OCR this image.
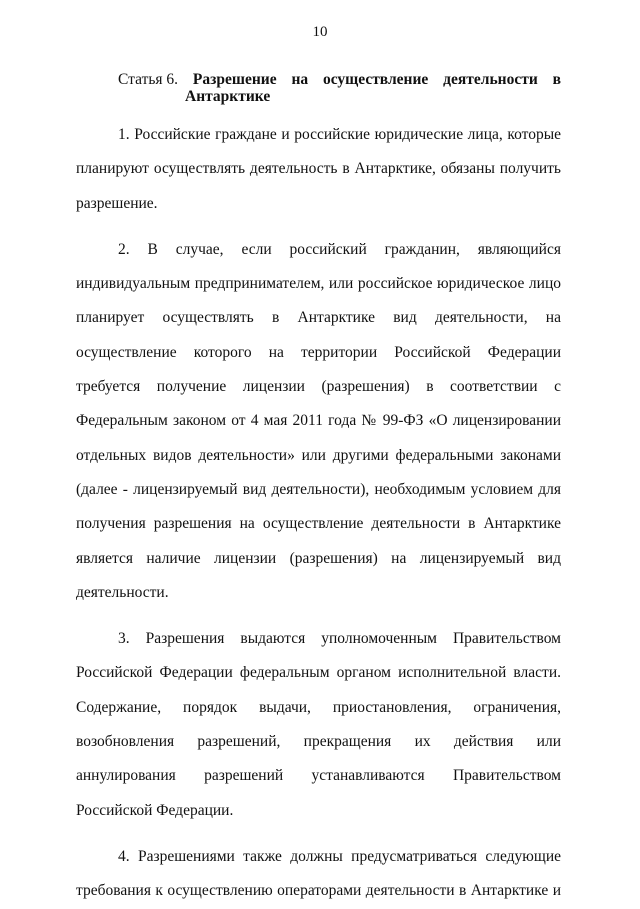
10
Статья 6. Разрешение на осуществление деятельности в
Антарктике

1. Российские граждане и российские юридические лица, которые планируют осуществлять деятельность в Антарктике, обязаны получить разрешение.

2. В случае, если российский гражданин, являющийся индивидуальным предпринимателем, или российское юридическое лицо планирует осуществлять в Антарктике вид деятельности, на осуществление которого на территории Российской Федерации требуется получение лицензии (разрешения) в соответствии с Федеральным законом от 4 мая 2011 года № 99-ФЗ «О лицензировании отдельных видов деятельности» или другими федеральными законами (далее - лицензируемый вид деятельности), необходимым условием для получения разрешения на осуществление деятельности в Антарктике является наличие лицензии (разрешения) на лицензируемый вид деятельности.

3. Разрешения выдаются уполномоченным Правительством Российской Федерации федеральным органом исполнительной власти. Содержание, порядок выдачи, приостановления, ограничения, возобновления разрешений, прекращения их действия или аннулирования разрешений устанавливаются Правительством Российской Федерации.

4. Разрешениями также должны предусматриваться следующие требования к осуществлению операторами деятельности в Антарктике и
